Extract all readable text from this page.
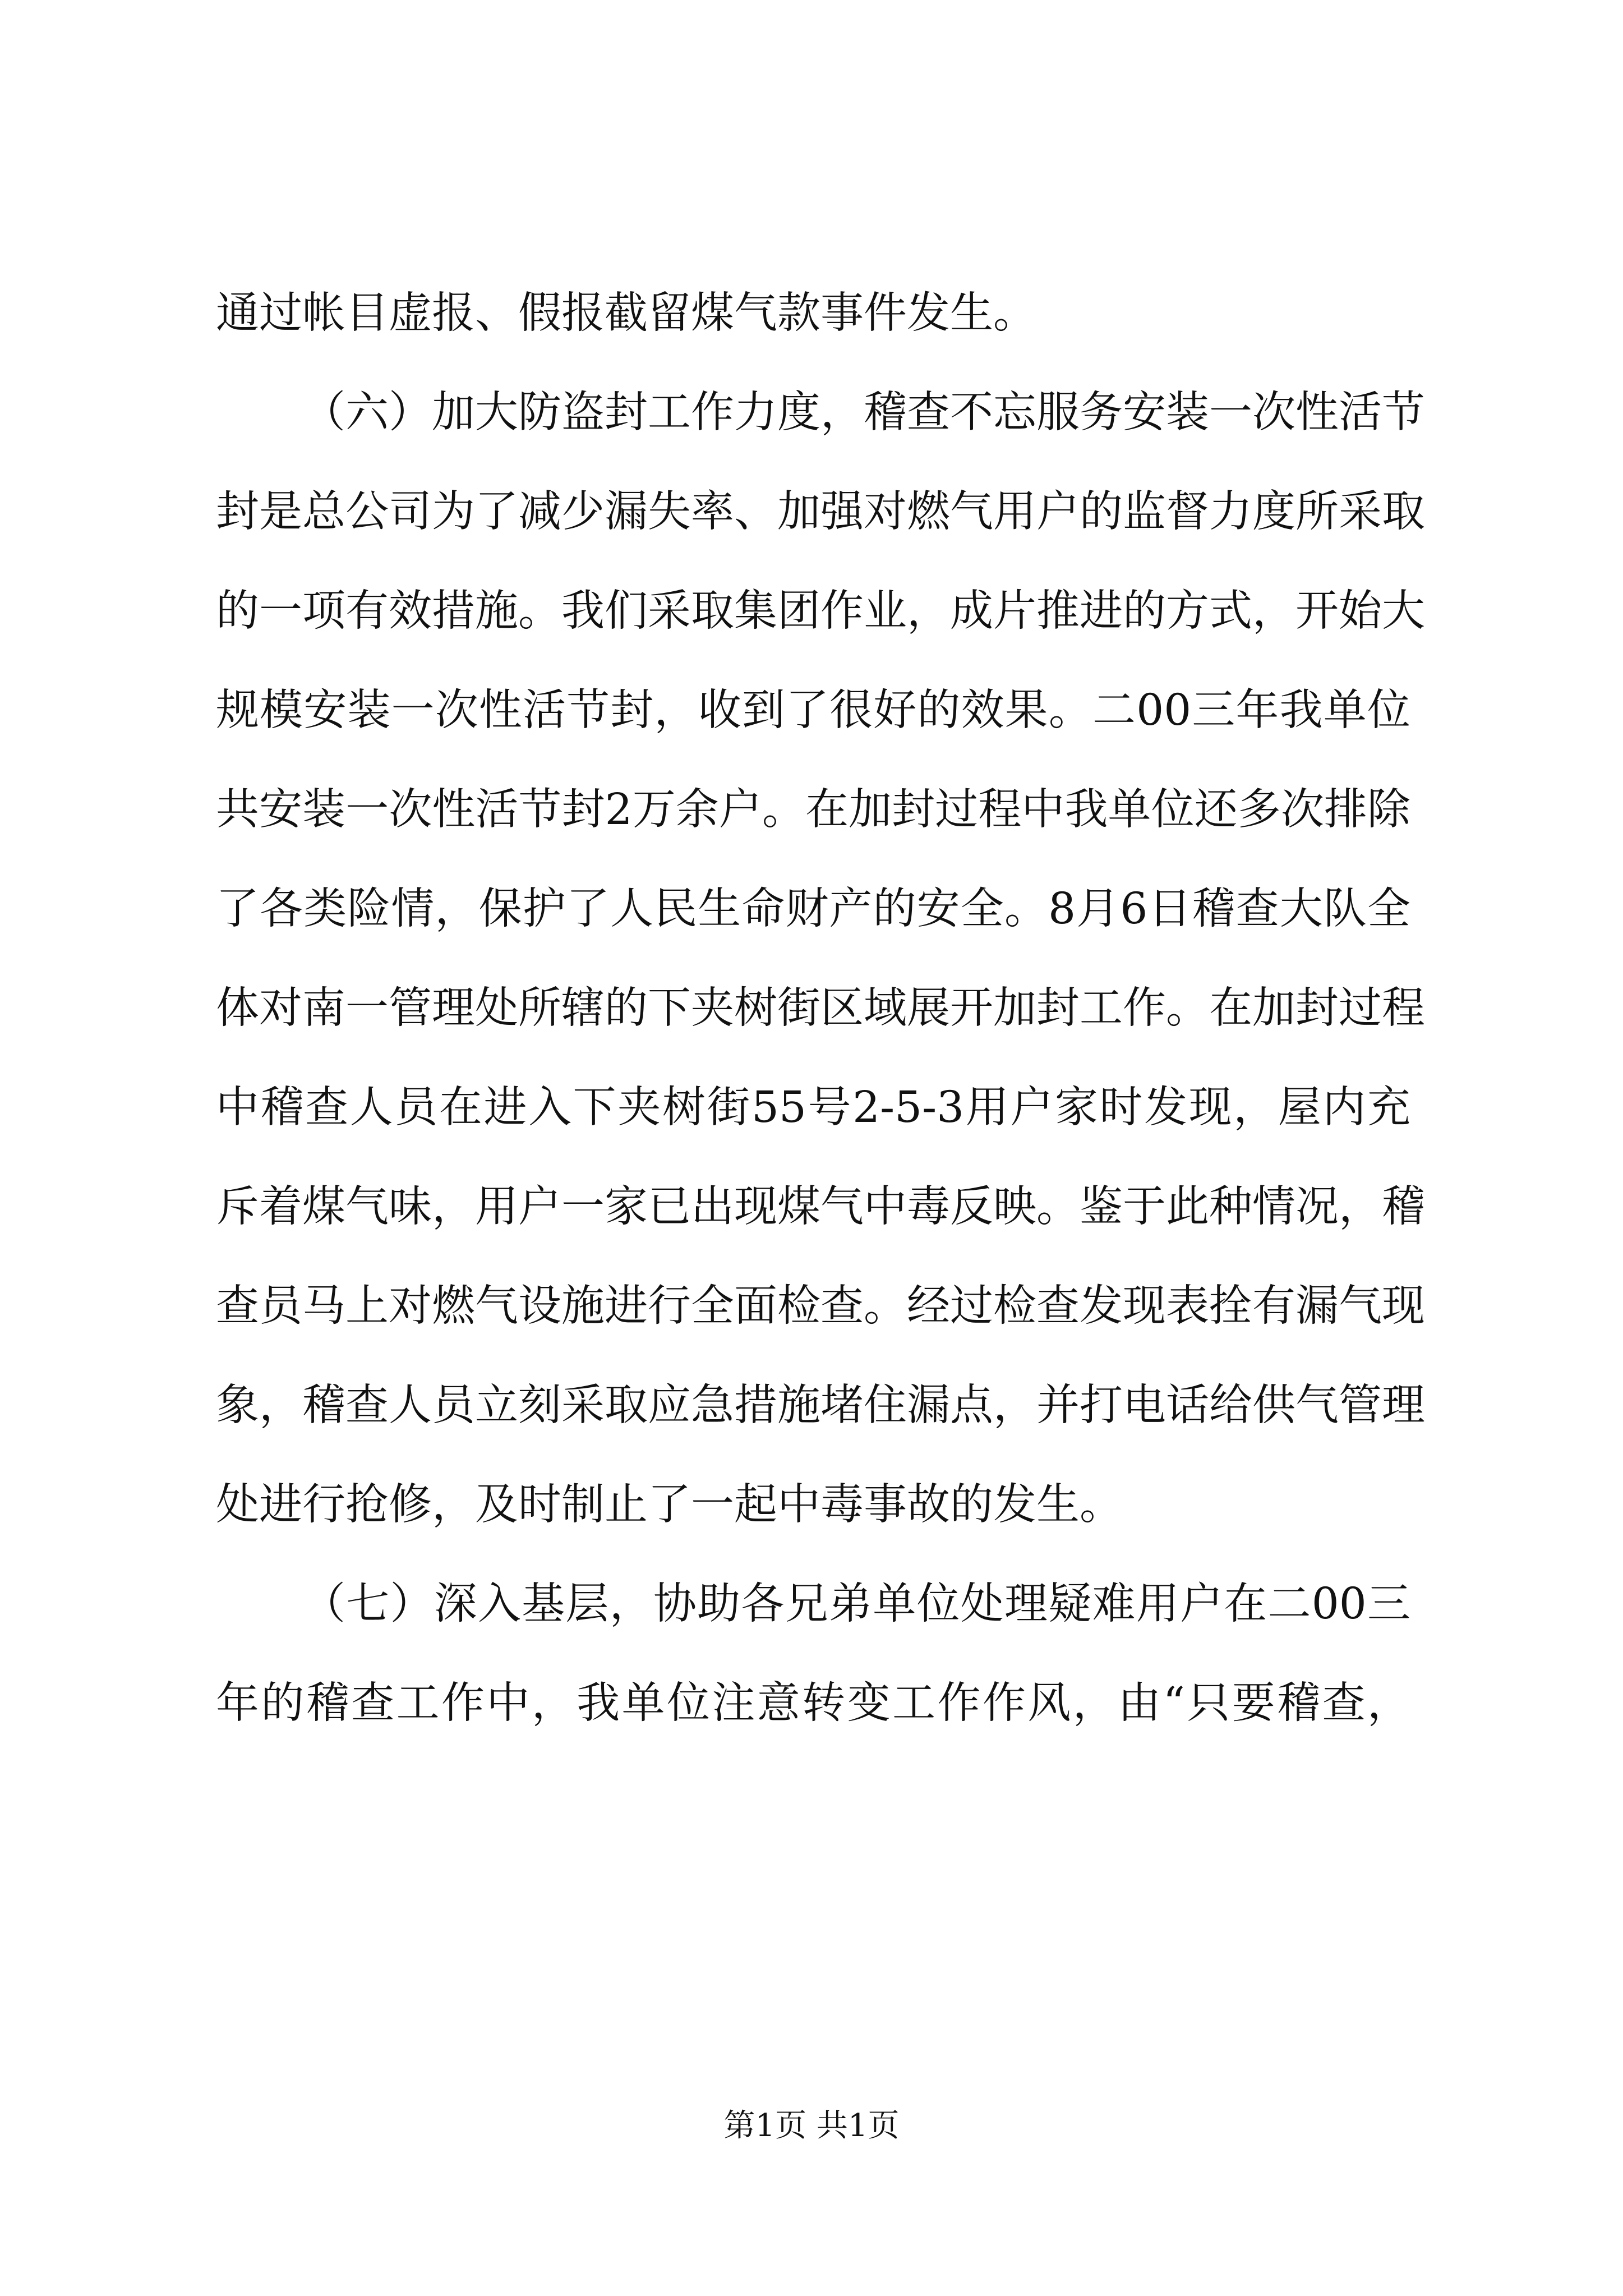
通过帐目虚报、假报截留煤气款事件发生。
（六）加大防盗封工作力度，稽查不忘服务安装一次性活节
封是总公司为了减少漏失率、加强对燃气用户的监督力度所采取
的一项有效措施。我们采取集团作业，成片推进的方式，开始大
规模安装一次性活节封，收到了很好的效果。二00三年我单位
共安装一次性活节封2万余户。在加封过程中我单位还多次排除
了各类险情，保护了人民生命财产的安全。8月6日稽查大队全
体对南一管理处所辖的下夹树街区域展开加封工作。在加封过程
中稽查人员在进入下夹树街55号2-5-3用户家时发现，屋内充
斥着煤气味，用户一家已出现煤气中毒反映。鉴于此种情况，稽
查员马上对燃气设施进行全面检查。经过检查发现表拴有漏气现
象，稽查人员立刻采取应急措施堵住漏点，并打电话给供气管理
处进行抢修，及时制止了一起中毒事故的发生。
（七）深入基层，协助各兄弟单位处理疑难用户在二00三
年的稽查工作中，我单位注意转变工作作风，由“只要稽查，
第1页 共1页
